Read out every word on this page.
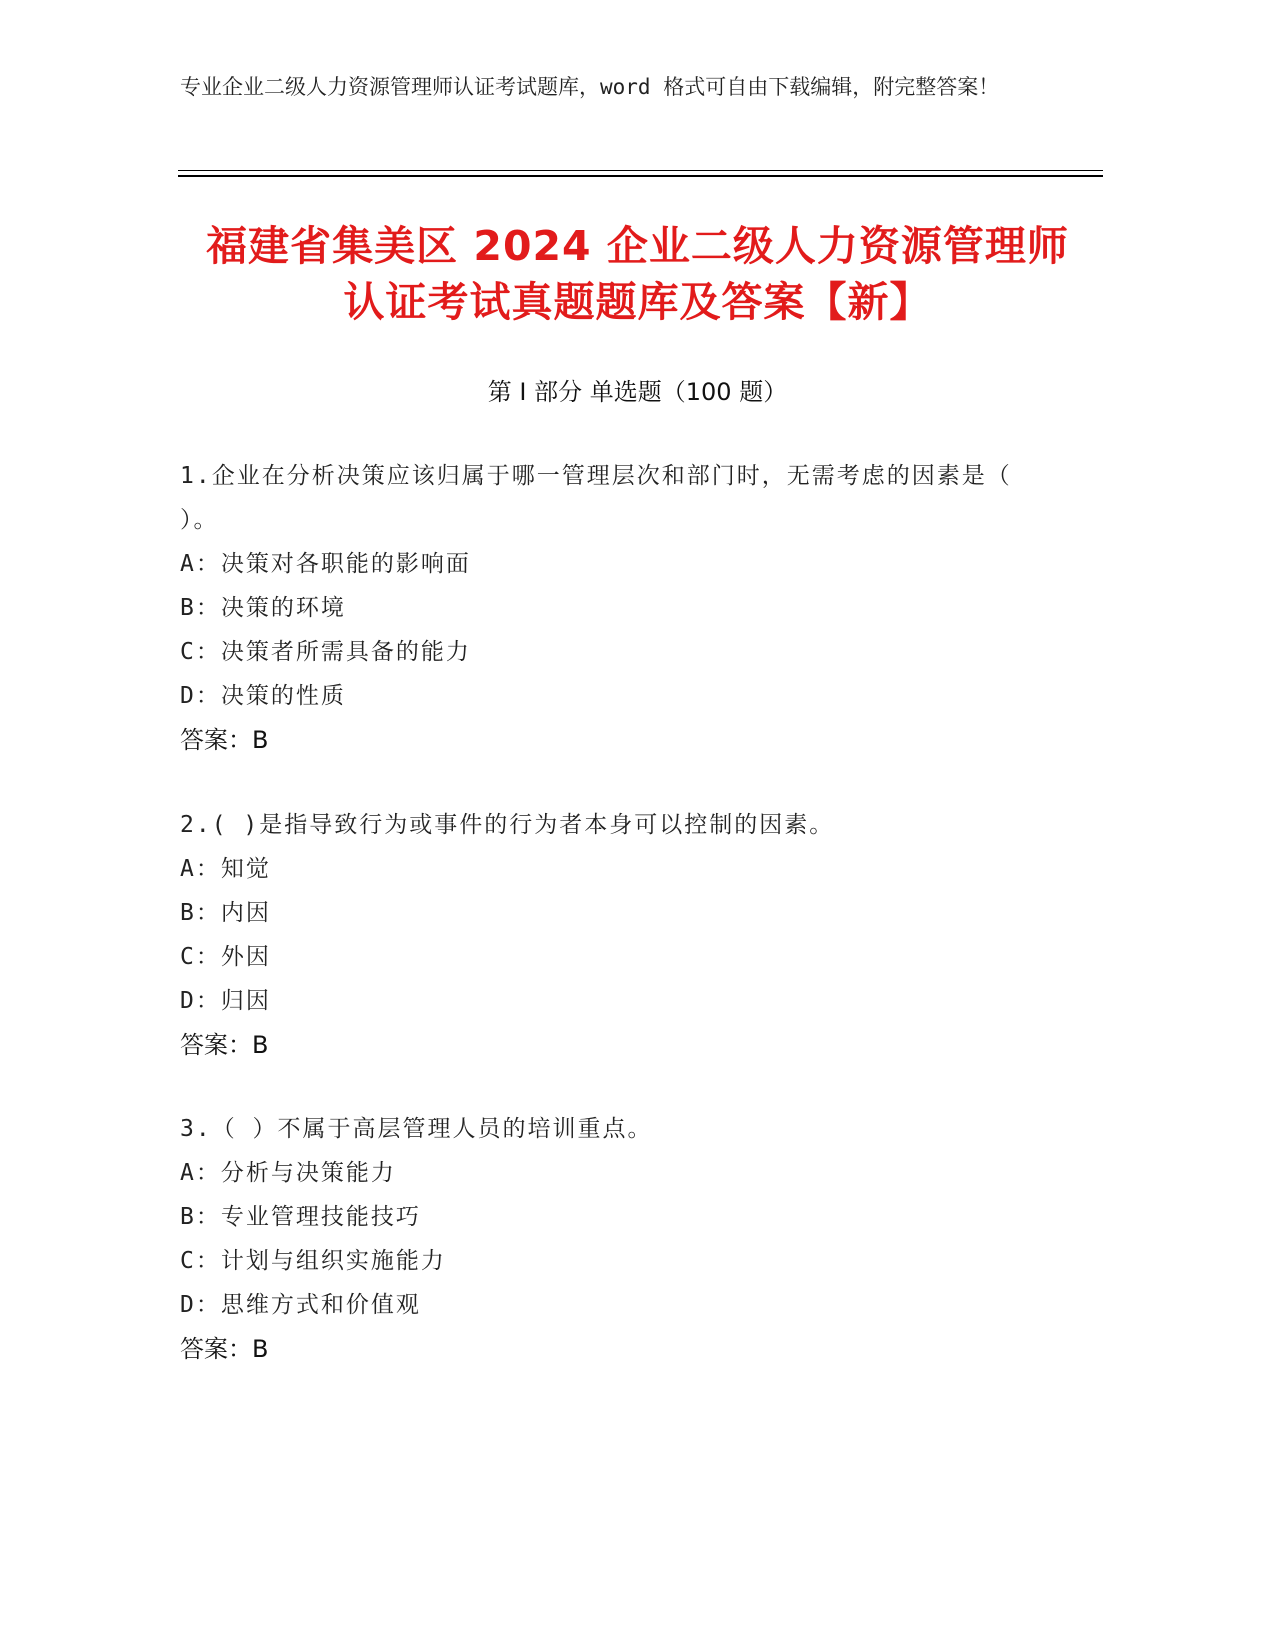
专业企业二级人力资源管理师认证考试题库，word 格式可自由下载编辑，附完整答案！
福建省集美区 2024 企业二级人力资源管理师
认证考试真题题库及答案【新】
第 I 部分 单选题（100 题）
1.企业在分析决策应该归属于哪一管理层次和部门时，无需考虑的因素是（ ）。
A：决策对各职能的影响面
B：决策的环境
C：决策者所需具备的能力
D：决策的性质
答案：B
2.( )是指导致行为或事件的行为者本身可以控制的因素。
A：知觉
B：内因
C：外因
D：归因
答案：B
3.（ ）不属于高层管理人员的培训重点。
A：分析与决策能力
B：专业管理技能技巧
C：计划与组织实施能力
D：思维方式和价值观
答案：B
